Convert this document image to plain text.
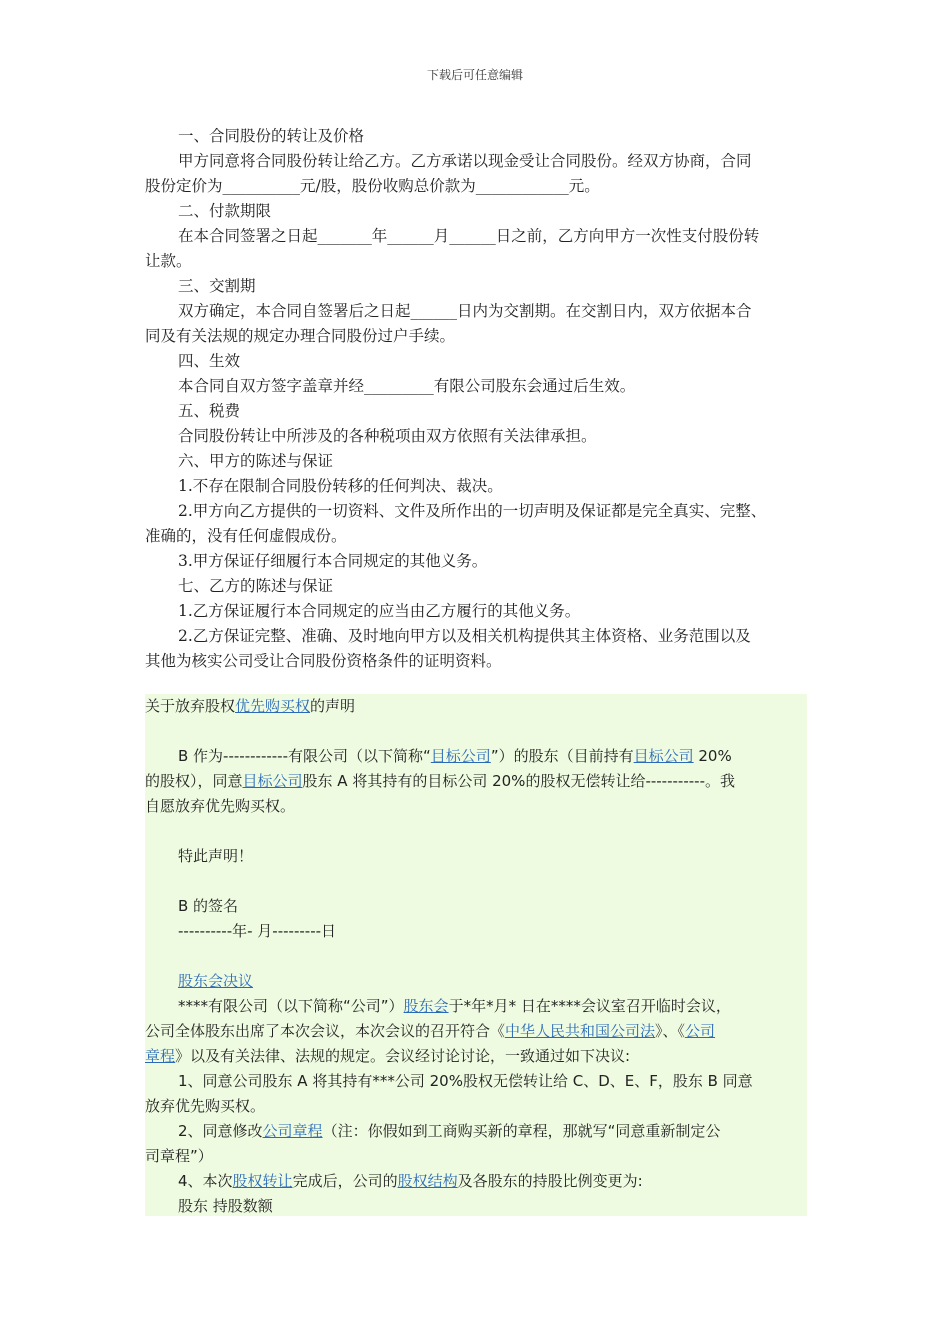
下载后可任意编辑

一、合同股份的转让及价格

甲方同意将合同股份转让给乙方。乙方承诺以现金受让合同股份。经双方协商，合同
股份定价为__________元/股，股份收购总价款为____________元。

二、付款期限

在本合同签署之日起_______年______月______日之前，乙方向甲方一次性支付股份转
让款。

三、交割期

双方确定，本合同自签署后之日起______日内为交割期。在交割日内，双方依据本合
同及有关法规的规定办理合同股份过户手续。

四、生效

本合同自双方签字盖章并经_________有限公司股东会通过后生效。

五、税费

合同股份转让中所涉及的各种税项由双方依照有关法律承担。

六、甲方的陈述与保证

1.不存在限制合同股份转移的任何判决、裁决。

2.甲方向乙方提供的一切资料、文件及所作出的一切声明及保证都是完全真实、完整、
准确的，没有任何虚假成份。

3.甲方保证仔细履行本合同规定的其他义务。

七、乙方的陈述与保证

1.乙方保证履行本合同规定的应当由乙方履行的其他义务。

2.乙方保证完整、准确、及时地向甲方以及相关机构提供其主体资格、业务范围以及
其他为核实公司受让合同股份资格条件的证明资料。

关于放弃股权优先购买权的声明

B 作为------------有限公司（以下简称“目标公司”）的股东（目前持有目标公司 20%
的股权），同意目标公司股东 A 将其持有的目标公司 20%的股权无偿转让给-----------。我
自愿放弃优先购买权。

特此声明！

B 的签名

----------年- 月---------日

股东会决议

****有限公司（以下简称“公司”）股东会于*年*月* 日在****会议室召开临时会议，
公司全体股东出席了本次会议，本次会议的召开符合《中华人民共和国公司法》、《公司
章程》以及有关法律、法规的规定。会议经讨论讨论，一致通过如下决议:

1、同意公司股东 A 将其持有***公司 20%股权无偿转让给 C、D、E、F，股东 B 同意
放弃优先购买权。

2、同意修改公司章程（注：你假如到工商购买新的章程，那就写“同意重新制定公
司章程”）

4、本次股权转让完成后，公司的股权结构及各股东的持股比例变更为:

股东 持股数额
